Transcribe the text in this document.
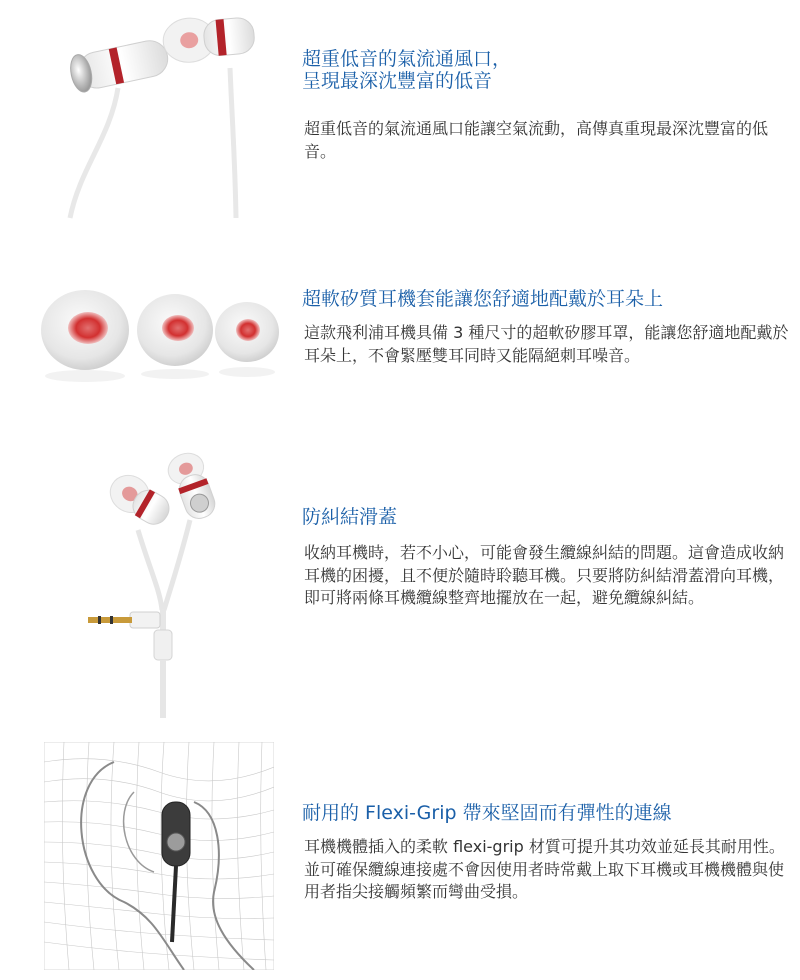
超重低音的氣流通風口，
呈現最深沈豐富的低音

超重低音的氣流通風口能讓空氣流動，高傳真重現最深沈豐富的低音。

超軟矽質耳機套能讓您舒適地配戴於耳朵上

這款飛利浦耳機具備 3 種尺寸的超軟矽膠耳罩，能讓您舒適地配戴於耳朵上，不會緊壓雙耳同時又能隔絕刺耳噪音。

防糾結滑蓋

收納耳機時，若不小心，可能會發生纜線糾結的問題。這會造成收納耳機的困擾，且不便於隨時聆聽耳機。只要將防糾結滑蓋滑向耳機，即可將兩條耳機纜線整齊地擺放在一起，避免纜線糾結。

耐用的 Flexi-Grip 帶來堅固而有彈性的連線

耳機機體插入的柔軟 flexi-grip 材質可提升其功效並延長其耐用性。並可確保纜線連接處不會因使用者時常戴上取下耳機或耳機機體與使用者指尖接觸頻繁而彎曲受損。
